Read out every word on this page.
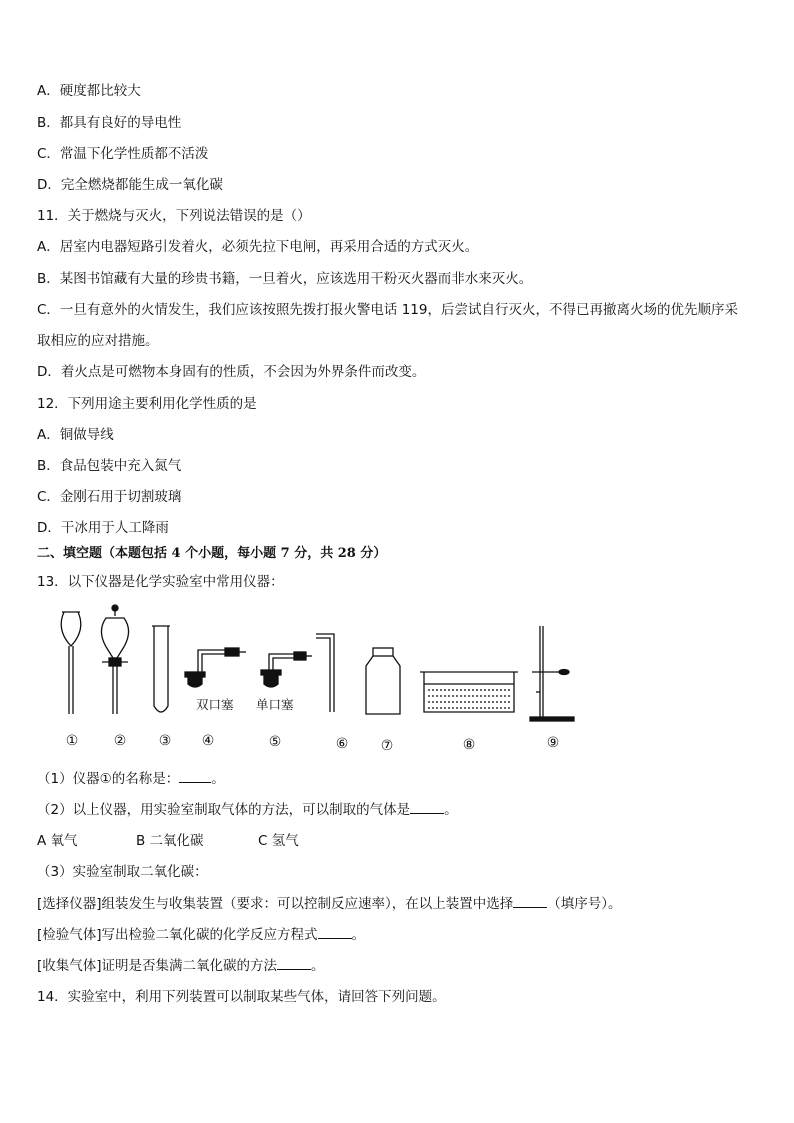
A．硬度都比较大
B．都具有良好的导电性
C．常温下化学性质都不活泼
D．完全燃烧都能生成一氧化碳
11．关于燃烧与灭火，下列说法错误的是（）
A．居室内电器短路引发着火，必须先拉下电闸，再采用合适的方式灭火。
B．某图书馆藏有大量的珍贵书籍，一旦着火，应该选用干粉灭火器而非水来灭火。
C．一旦有意外的火情发生，我们应该按照先拨打报火警电话 119，后尝试自行灭火，不得已再撤离火场的优先顺序采
取相应的应对措施。
D．着火点是可燃物本身固有的性质，不会因为外界条件而改变。
12．下列用途主要利用化学性质的是
A．铜做导线
B．食品包装中充入氮气
C．金刚石用于切割玻璃
D．干冰用于人工降雨
二、填空题（本题包括 4 个小题，每小题 7 分，共 28 分）
13．以下仪器是化学实验室中常用仪器：
双口塞 单口塞
①	② ③ ④	⑤	⑥ ⑦	⑧	⑨
（1）仪器①的名称是： 。
（2）以上仪器，用实验室制取气体的方法，可以制取的气体是	。
A 氧气	B 二氧化碳	C 氢气
（3）实验室制取二氧化碳：
[选择仪器]组装发生与收集装置（要求：可以控制反应速率），在以上装置中选择	（填序号）。
[检验气体]写出检验二氧化碳的化学反应方程式	。
[收集气体]证明是否集满二氧化碳的方法	。
14．实验室中，利用下列装置可以制取某些气体，请回答下列问题。
